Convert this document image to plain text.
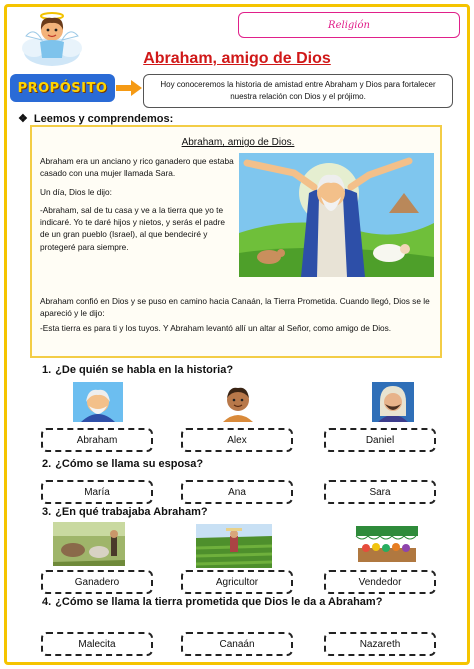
Religión
Abraham, amigo de Dios
PROPÓSITO	Hoy conoceremos la historia de amistad entre Abraham y Dios para fortalecer nuestra relación con Dios y el prójimo.
❖ Leemos y comprendemos:
Abraham, amigo de Dios.

Abraham era un anciano y rico ganadero que estaba casado con una mujer llamada Sara.

Un día, Dios le dijo:

-Abraham, sal de tu casa y ve a la tierra que yo te indicaré. Yo te daré hijos y nietos, y serás el padre de un gran pueblo (Israel), al que bendeciré y protegeré para siempre.

Abraham confió en Dios y se puso en camino hacia Canaán, la Tierra Prometida. Cuando llegó, Dios se le apareció y le dijo:

-Esta tierra es para ti y los tuyos. Y Abraham levantó allí un altar al Señor, como amigo de Dios.

1. ¿De quién se habla en la historia?
Abraham	Alex	Daniel
2. ¿Cómo se llama su esposa?
María	Ana	Sara
3. ¿En qué trabajaba Abraham?
Ganadero	Agricultor	Vendedor
4. ¿Cómo se llama la tierra prometida que Dios le da a Abraham?
Malecita	Canaán	Nazareth
